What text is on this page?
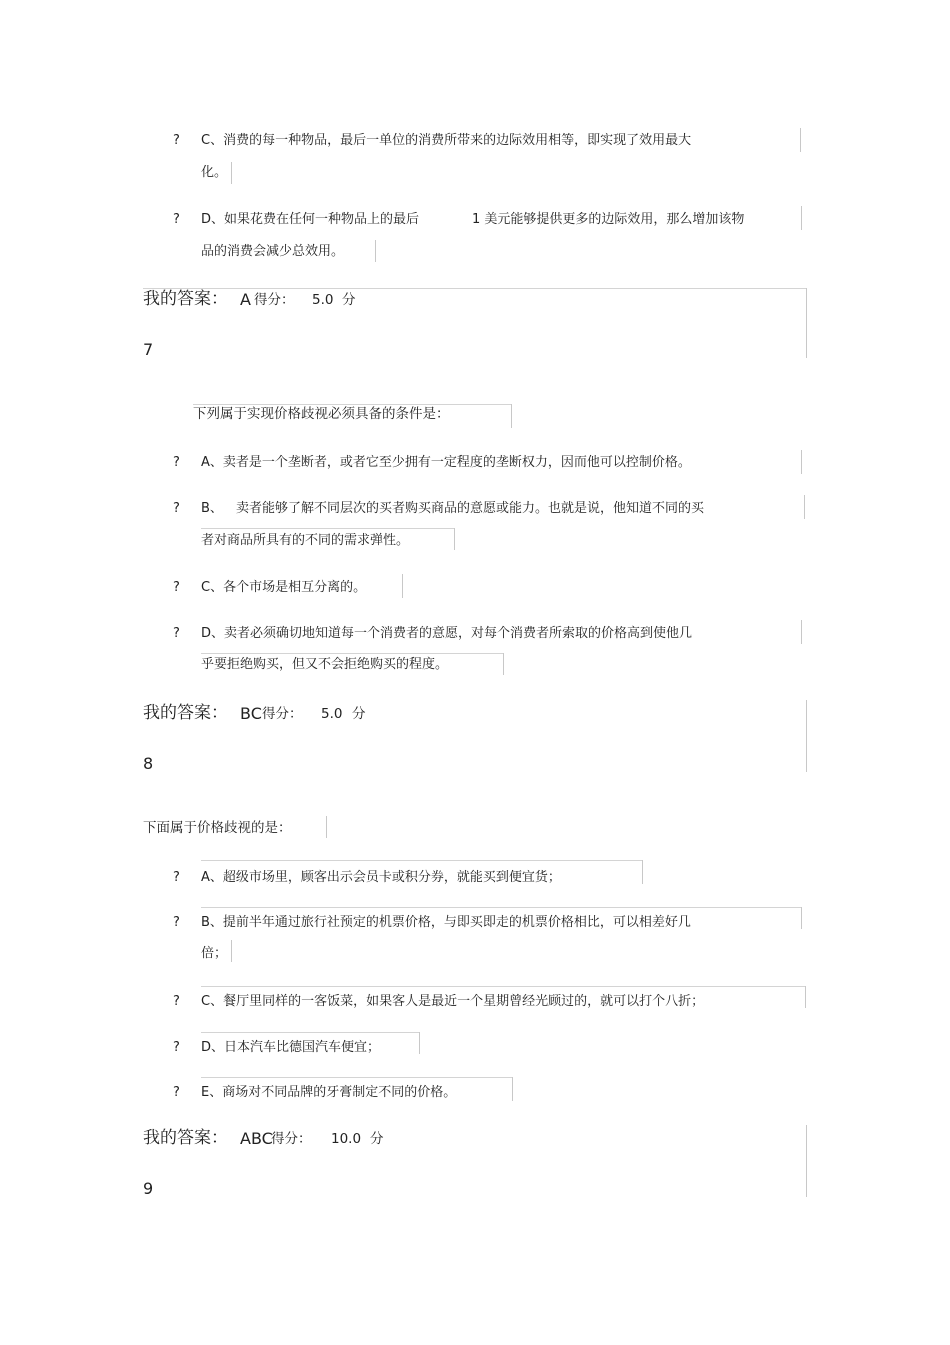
? C、消费的每一种物品，最后一单位的消费所带来的边际效用相等，即实现了效用最大
化。
? D、如果花费在任何一种物品上的最后	1 美元能够提供更多的边际效用，那么增加该物
品的消费会减少总效用。
我的答案： A 得分： 5.0 分
7
下列属于实现价格歧视必须具备的条件是：
? A、卖者是一个垄断者，或者它至少拥有一定程度的垄断权力，因而他可以控制价格。
? B、 卖者能够了解不同层次的买者购买商品的意愿或能力。也就是说，他知道不同的买
者对商品所具有的不同的需求弹性。
? C、各个市场是相互分离的。
? D、卖者必须确切地知道每一个消费者的意愿，对每个消费者所索取的价格高到使他几
乎要拒绝购买，但又不会拒绝购买的程度。
我的答案： BC 得分： 5.0 分
8
下面属于价格歧视的是：
? A、超级市场里，顾客出示会员卡或积分券，就能买到便宜货；
? B、提前半年通过旅行社预定的机票价格，与即买即走的机票价格相比，可以相差好几
倍；
? C、餐厅里同样的一客饭菜，如果客人是最近一个星期曾经光顾过的，就可以打个八折；
? D、日本汽车比德国汽车便宜；
? E、商场对不同品牌的牙膏制定不同的价格。
我的答案： ABC
得分： 10.0 分
9
